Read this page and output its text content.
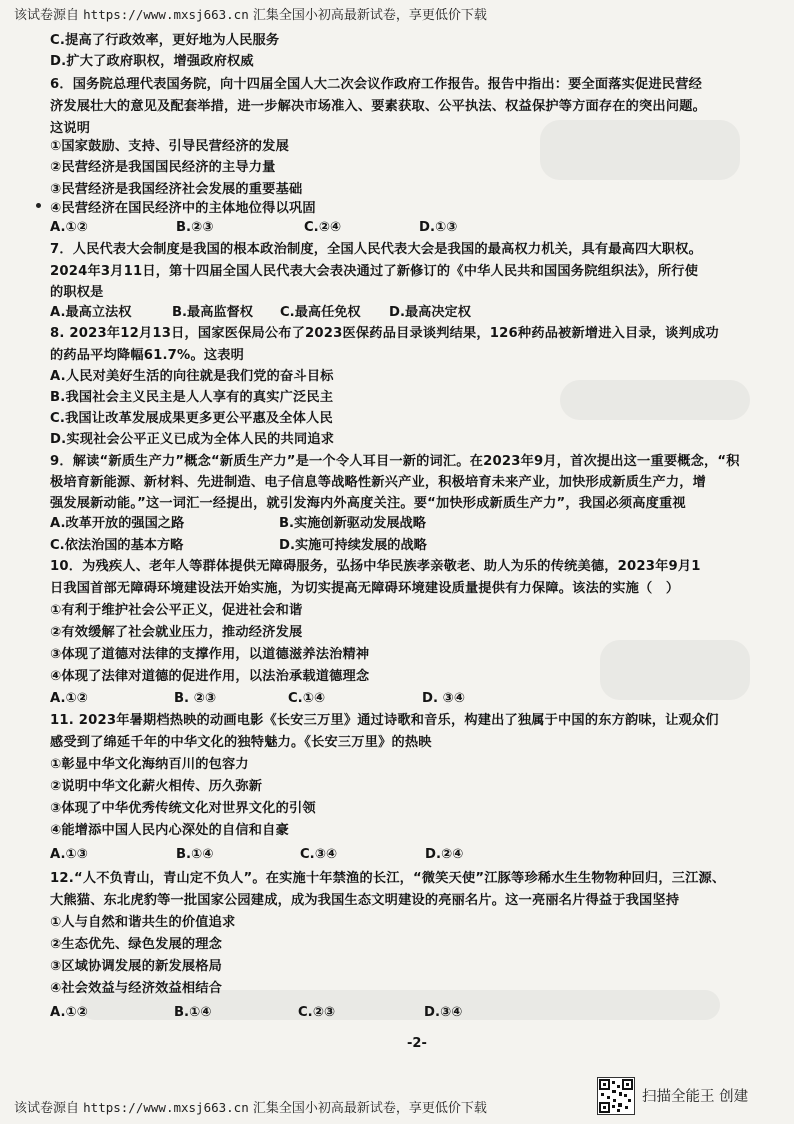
该试卷源自 https://www.mxsj663.cn 汇集全国小初高最新试卷，享更低价下载
C.提高了行政效率，更好地为人民服务
D.扩大了政府职权，增强政府权威
6．国务院总理代表国务院，向十四届全国人大二次会议作政府工作报告。报告中指出：要全面落实促进民营经
济发展壮大的意见及配套举措，进一步解决市场准入、要素获取、公平执法、权益保护等方面存在的突出问题。
这说明
①国家鼓励、支持、引导民营经济的发展
②民营经济是我国国民经济的主导力量
③民营经济是我国经济社会发展的重要基础
④民营经济在国民经济中的主体地位得以巩固
A.①②	B.②③	C.②④	D.①③
7．人民代表大会制度是我国的根本政治制度，全国人民代表大会是我国的最高权力机关，具有最高四大职权。
2024年3月11日，第十四届全国人民代表大会表决通过了新修订的《中华人民共和国国务院组织法》，所行使
的职权是
A.最高立法权	B.最高监督权 C.最高任免权 D.最高决定权
8. 2023年12月13日，国家医保局公布了2023医保药品目录谈判结果，126种药品被新增进入目录，谈判成功
的药品平均降幅61.7%。这表明
A.人民对美好生活的向往就是我们党的奋斗目标
B.我国社会主义民主是人人享有的真实广泛民主
C.我国让改革发展成果更多更公平惠及全体人民
D.实现社会公平正义已成为全体人民的共同追求
9．解读“新质生产力”概念“新质生产力”是一个令人耳目一新的词汇。在2023年9月，首次提出这一重要概念，“积
极培育新能源、新材料、先进制造、电子信息等战略性新兴产业，积极培育未来产业，加快形成新质生产力，增
强发展新动能。”这一词汇一经提出，就引发海内外高度关注。要“加快形成新质生产力”，我国必须高度重视
A.改革开放的强国之路	B.实施创新驱动发展战略
C.依法治国的基本方略	D.实施可持续发展的战略
10．为残疾人、老年人等群体提供无障碍服务，弘扬中华民族孝亲敬老、助人为乐的传统美德，2023年9月1
日我国首部无障碍环境建设法开始实施，为切实提高无障碍环境建设质量提供有力保障。该法的实施（　）
①有利于维护社会公平正义，促进社会和谐
②有效缓解了社会就业压力，推动经济发展
③体现了道德对法律的支撑作用，以道德滋养法治精神
④体现了法律对道德的促进作用，以法治承载道德理念
A.①②	B. ②③	C.①④	D. ③④
11. 2023年暑期档热映的动画电影《长安三万里》通过诗歌和音乐，构建出了独属于中国的东方韵味，让观众们
感受到了绵延千年的中华文化的独特魅力。《长安三万里》的热映
①彰显中华文化海纳百川的包容力
②说明中华文化薪火相传、历久弥新
③体现了中华优秀传统文化对世界文化的引领
④能增添中国人民内心深处的自信和自豪
A.①③	B.①④	C.③④	D.②④
12.“人不负青山，青山定不负人”。在实施十年禁渔的长江，“微笑天使”江豚等珍稀水生生物物种回归，三江源、
大熊猫、东北虎豹等一批国家公园建成，成为我国生态文明建设的亮丽名片。这一亮丽名片得益于我国坚持
①人与自然和谐共生的价值追求
②生态优先、绿色发展的理念
③区域协调发展的新发展格局
④社会效益与经济效益相结合
A.①②	B.①④	C.②③	D.③④
-2-
该试卷源自 https://www.mxsj663.cn 汇集全国小初高最新试卷，享更低价下载
扫描全能王 创建
